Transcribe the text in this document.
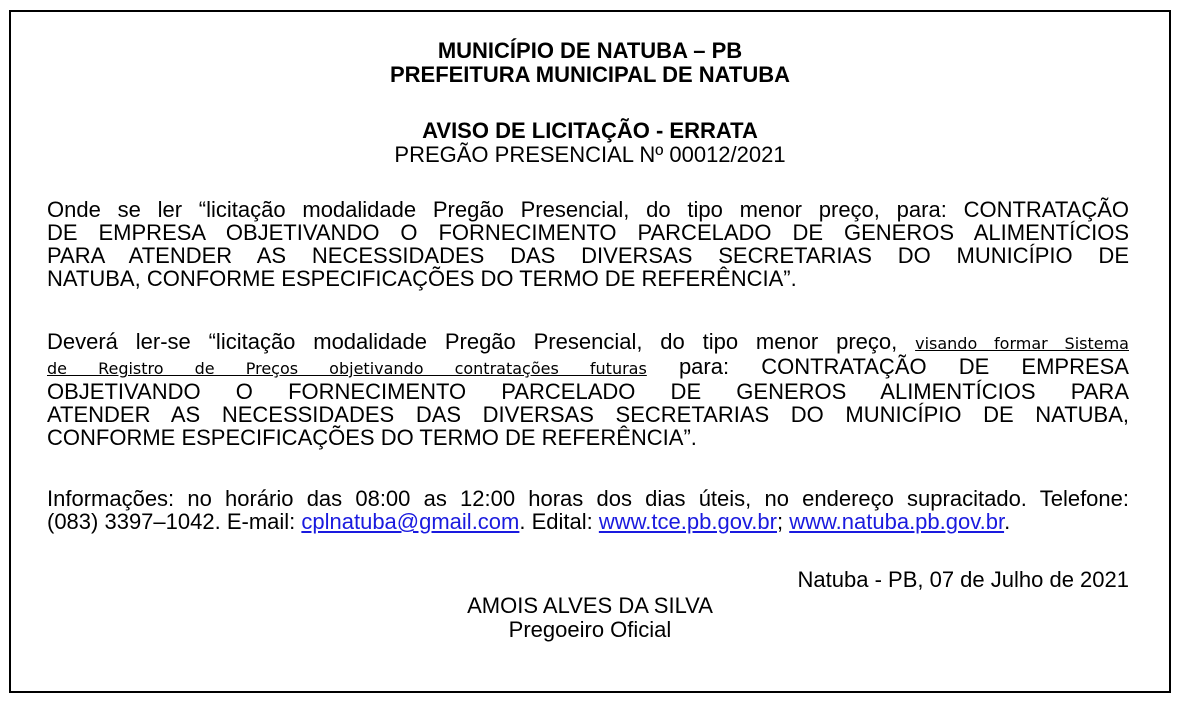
MUNICÍPIO DE NATUBA – PB
PREFEITURA MUNICIPAL DE NATUBA
AVISO DE LICITAÇÃO - ERRATA
PREGÃO PRESENCIAL Nº 00012/2021
Onde se ler “licitação modalidade Pregão Presencial, do tipo menor preço, para: CONTRATAÇÃO
DE EMPRESA OBJETIVANDO O FORNECIMENTO PARCELADO DE GENEROS ALIMENTÍCIOS
PARA ATENDER AS NECESSIDADES DAS DIVERSAS SECRETARIAS DO MUNICÍPIO DE
NATUBA, CONFORME ESPECIFICAÇÕES DO TERMO DE REFERÊNCIA”.
Deverá ler-se “licitação modalidade Pregão Presencial, do tipo menor preço, visando formar Sistema
de Registro de Preços objetivando contratações futuras para: CONTRATAÇÃO DE EMPRESA
OBJETIVANDO O FORNECIMENTO PARCELADO DE GENEROS ALIMENTÍCIOS PARA
ATENDER AS NECESSIDADES DAS DIVERSAS SECRETARIAS DO MUNICÍPIO DE NATUBA,
CONFORME ESPECIFICAÇÕES DO TERMO DE REFERÊNCIA”.
Informações: no horário das 08:00 as 12:00 horas dos dias úteis, no endereço supracitado. Telefone:
(083) 3397–1042. E-mail: cplnatuba@gmail.com. Edital: www.tce.pb.gov.br; www.natuba.pb.gov.br.
Natuba - PB, 07 de Julho de 2021
AMOIS ALVES DA SILVA
Pregoeiro Oficial
